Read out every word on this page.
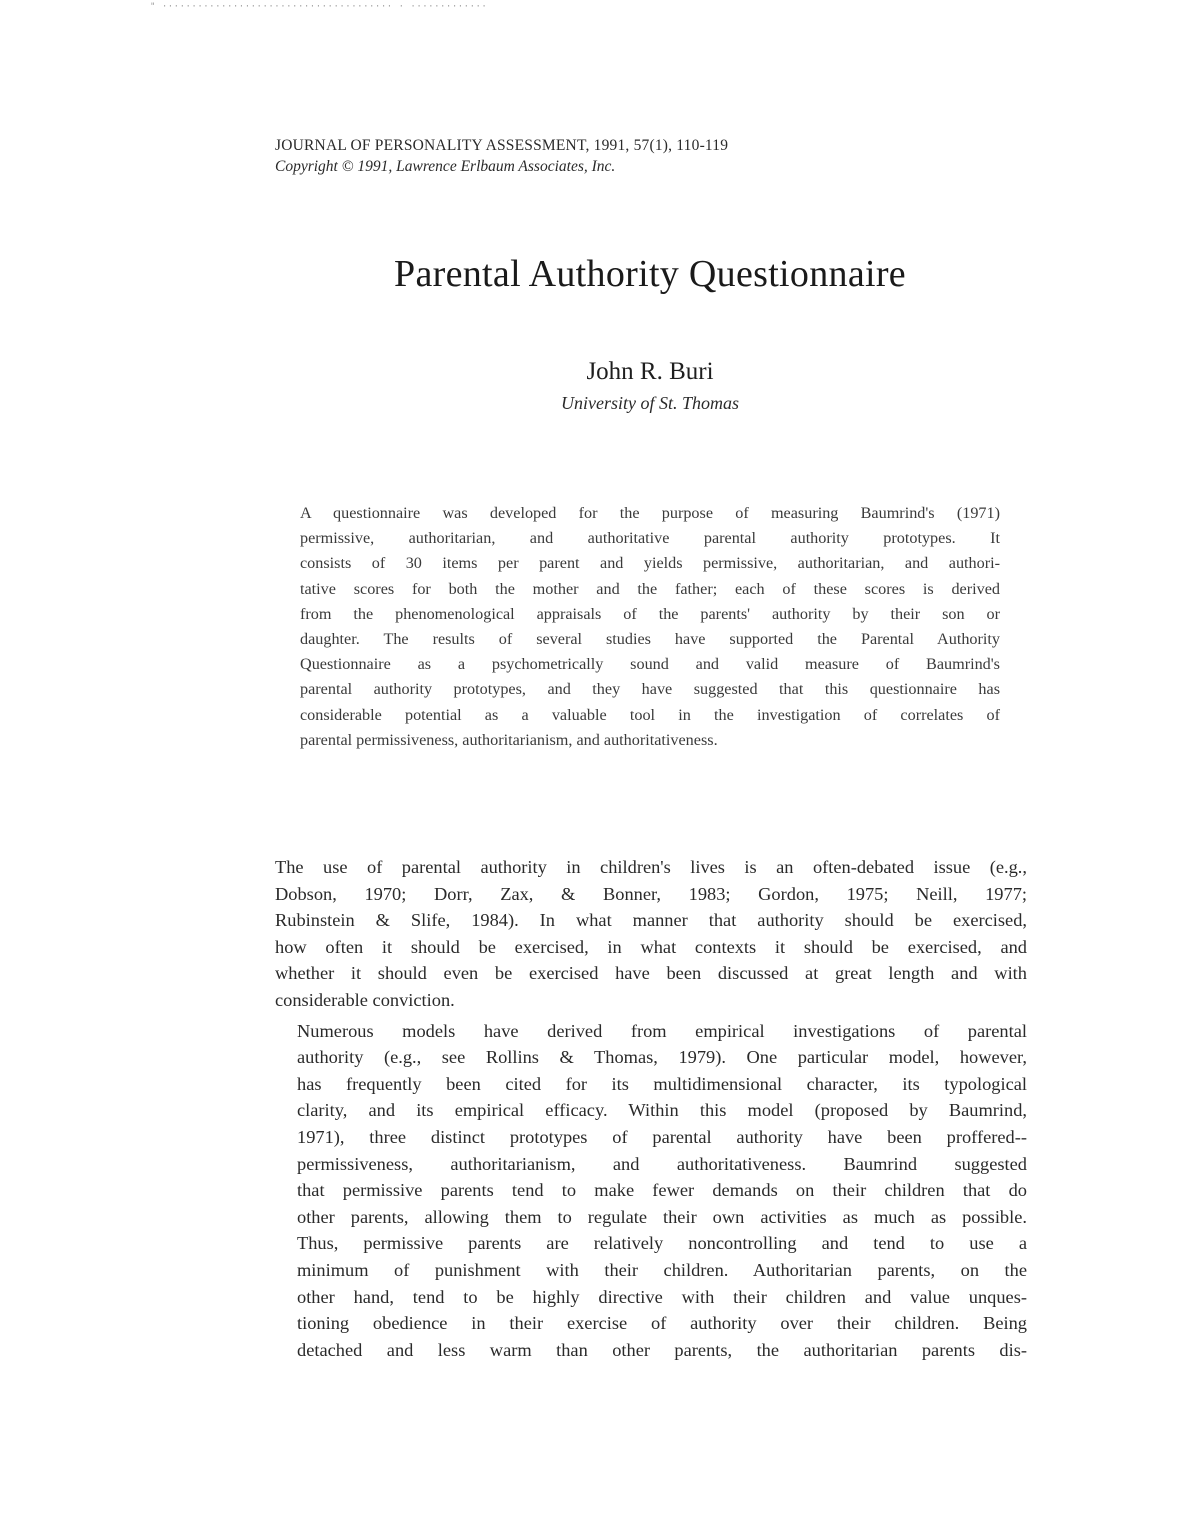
" ······································· · ·············
JOURNAL OF PERSONALITY ASSESSMENT, 1991, 57(1), 110-119
Copyright © 1991, Lawrence Erlbaum Associates, Inc.
Parental Authority Questionnaire
John R. Buri
University of St. Thomas

A questionnaire was developed for the purpose of measuring Baumrind's (1971)
permissive, authoritarian, and authoritative parental authority prototypes. It
consists of 30 items per parent and yields permissive, authoritarian, and authori-
tative scores for both the mother and the father; each of these scores is derived
from the phenomenological appraisals of the parents' authority by their son or
daughter. The results of several studies have supported the Parental Authority
Questionnaire as a psychometrically sound and valid measure of Baumrind's
parental authority prototypes, and they have suggested that this questionnaire has
considerable potential as a valuable tool in the investigation of correlates of
parental permissiveness, authoritarianism, and authoritativeness.

The use of parental authority in children's lives is an often-debated issue (e.g.,
Dobson, 1970; Dorr, Zax, & Bonner, 1983; Gordon, 1975; Neill, 1977;
Rubinstein & Slife, 1984). In what manner that authority should be exercised,
how often it should be exercised, in what contexts it should be exercised, and
whether it should even be exercised have been discussed at great length and with
considerable conviction.

Numerous models have derived from empirical investigations of parental
authority (e.g., see Rollins & Thomas, 1979). One particular model, however,
has frequently been cited for its multidimensional character, its typological
clarity, and its empirical efficacy. Within this model (proposed by Baumrind,
1971), three distinct prototypes of parental authority have been proffered--
permissiveness, authoritarianism, and authoritativeness. Baumrind suggested
that permissive parents tend to make fewer demands on their children that do
other parents, allowing them to regulate their own activities as much as possible.
Thus, permissive parents are relatively noncontrolling and tend to use a
minimum of punishment with their children. Authoritarian parents, on the
other hand, tend to be highly directive with their children and value unques-
tioning obedience in their exercise of authority over their children. Being
detached and less warm than other parents, the authoritarian parents dis-
